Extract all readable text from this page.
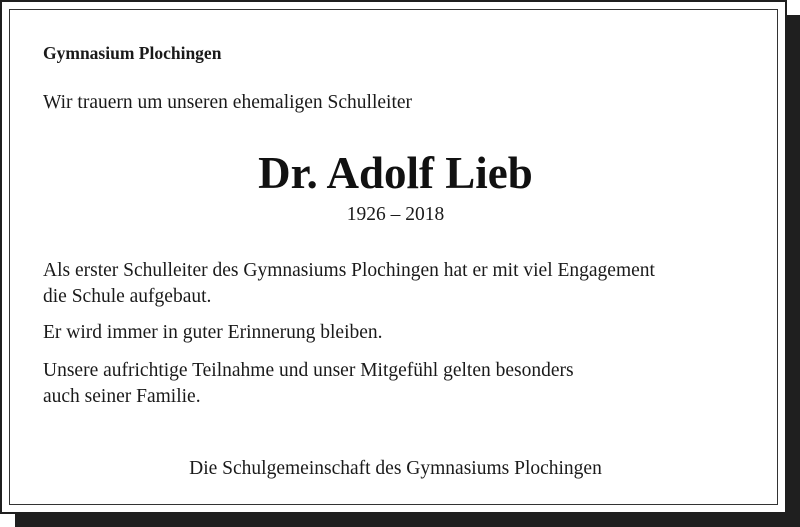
Gymnasium Plochingen
Wir trauern um unseren ehemaligen Schulleiter
Dr. Adolf Lieb
1926 – 2018
Als erster Schulleiter des Gymnasiums Plochingen hat er mit viel Engagement
die Schule aufgebaut.
Er wird immer in guter Erinnerung bleiben.
Unsere aufrichtige Teilnahme und unser Mitgefühl gelten besonders
auch seiner Familie.
Die Schulgemeinschaft des Gymnasiums Plochingen
